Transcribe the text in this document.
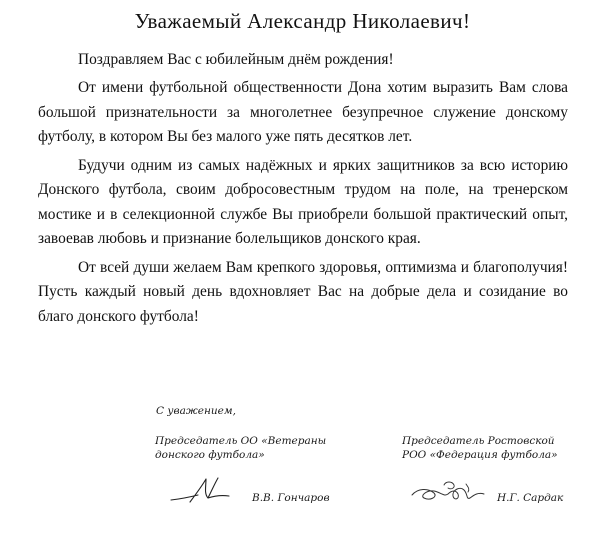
Уважаемый Александр Николаевич!

Поздравляем Вас с юбилейным днём рождения!

От имени футбольной общественности Дона хотим выразить Вам слова большой признательности за многолетнее безупречное служение донскому футболу, в котором Вы без малого уже пять десятков лет.

Будучи одним из самых надёжных и ярких защитников за всю историю Донского футбола, своим добросовестным трудом на поле, на тренерском мостике и в селекционной службе Вы приобрели большой практический опыт, завоевав любовь и признание болельщиков донского края.

От всей души желаем Вам крепкого здоровья, оптимизма и благополучия! Пусть каждый новый день вдохновляет Вас на добрые дела и созидание во благо донского футбола!

С уважением,
Председатель ОО «Ветераны
донского футбола»
Председатель Ростовской
РОО «Федерация футбола»
В.В. Гончаров	Н.Г. Сардак
